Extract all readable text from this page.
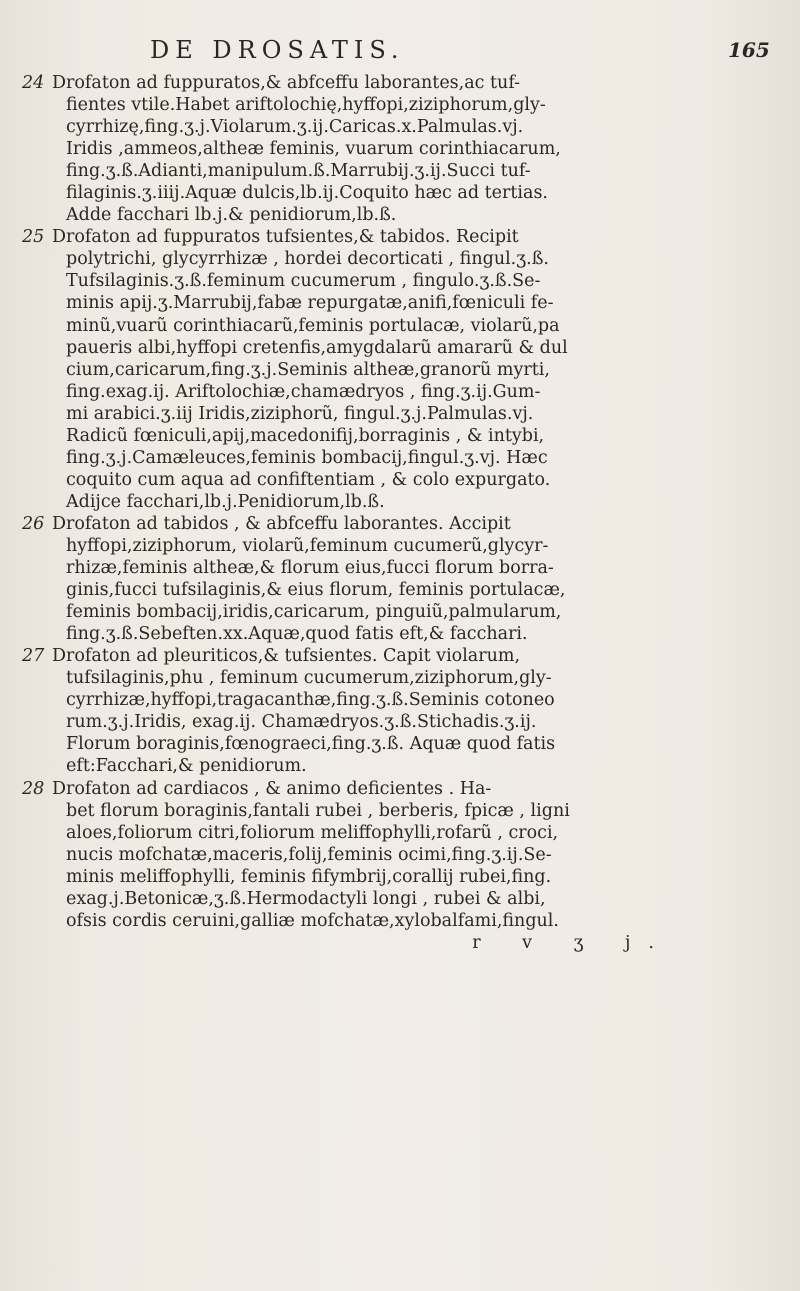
DE DROSATIS.	165
24 Drofaton ad fuppuratos,& abfceffu laborantes,ac tuf-
fientes vtile.Habet ariftolochię,hyffopi,ziziphorum,gly-
cyrrhizę,fing.ʒ.j.Violarum.ʒ.ij.Caricas.x.Palmulas.vj.
Iridis ,ammeos,altheæ feminis, vuarum corinthiacarum,
fing.ʒ.ß.Adianti,manipulum.ß.Marrubij.ʒ.ij.Succi tuf-
filaginis.ʒ.iiij.Aquæ dulcis,lb.ij.Coquito hæc ad tertias.
Adde facchari lb.j.& penidiorum,lb.ß.
25 Drofaton ad fuppuratos tufsientes,& tabidos. Recipit
polytrichi, glycyrrhizæ , hordei decorticati , fingul.ʒ.ß.
Tufsilaginis.ʒ.ß.feminum cucumerum , fingulo.ʒ.ß.Se-
minis apij.ʒ.Marrubij,fabæ repurgatæ,anifi,fœniculi fe-
minũ,vuarũ corinthiacarũ,feminis portulacæ, violarũ,pa
paueris albi,hyffopi cretenfis,amygdalarũ amararũ & dul
cium,caricarum,fing.ʒ.j.Seminis altheæ,granorũ myrti,
fing.exag.ij. Ariftolochiæ,chamædryos , fing.ʒ.ij.Gum-
mi arabici.ʒ.iij Iridis,ziziphorũ, fingul.ʒ.j.Palmulas.vj.
Radicũ fœniculi,apij,macedonifij,borraginis , & intybi,
fing.ʒ.j.Camæleuces,feminis bombacij,fingul.ʒ.vj. Hæc
coquito cum aqua ad confiftentiam , & colo expurgato.
Adijce facchari,lb.j.Penidiorum,lb.ß.
26 Drofaton ad tabidos , & abfceffu laborantes. Accipit
hyffopi,ziziphorum, violarũ,feminum cucumerũ,glycyr-
rhizæ,feminis altheæ,& florum eius,fucci florum borra-
ginis,fucci tufsilaginis,& eius florum, feminis portulacæ,
feminis bombacij,iridis,caricarum, pinguiũ,palmularum,
fing.ʒ.ß.Sebeften.xx.Aquæ,quod fatis eft,& facchari.
27 Drofaton ad pleuriticos,& tufsientes. Capit violarum,
tufsilaginis,phu , feminum cucumerum,ziziphorum,gly-
cyrrhizæ,hyffopi,tragacanthæ,fing.ʒ.ß.Seminis cotoneo
rum.ʒ.j.Iridis, exag.ij. Chamædryos.ʒ.ß.Stichadis.ʒ.ij.
Florum boraginis,fœnograeci,fing.ʒ.ß. Aquæ quod fatis
eft:Facchari,& penidiorum.
28 Drofaton ad cardiacos , & animo deficientes . Ha-
bet florum boraginis,fantali rubei , berberis, fpicæ , ligni
aloes,foliorum citri,foliorum meliffophylli,rofarũ , croci,
nucis mofchatæ,maceris,folij,feminis ocimi,fing.ʒ.ij.Se-
minis meliffophylli, feminis fifymbrij,corallij rubei,fing.
exag.j.Betonicæ,ʒ.ß.Hermodactyli longi , rubei & albi,
ofsis cordis ceruini,galliæ mofchatæ,xylobalfami,fingul.
r v ʒ j.
